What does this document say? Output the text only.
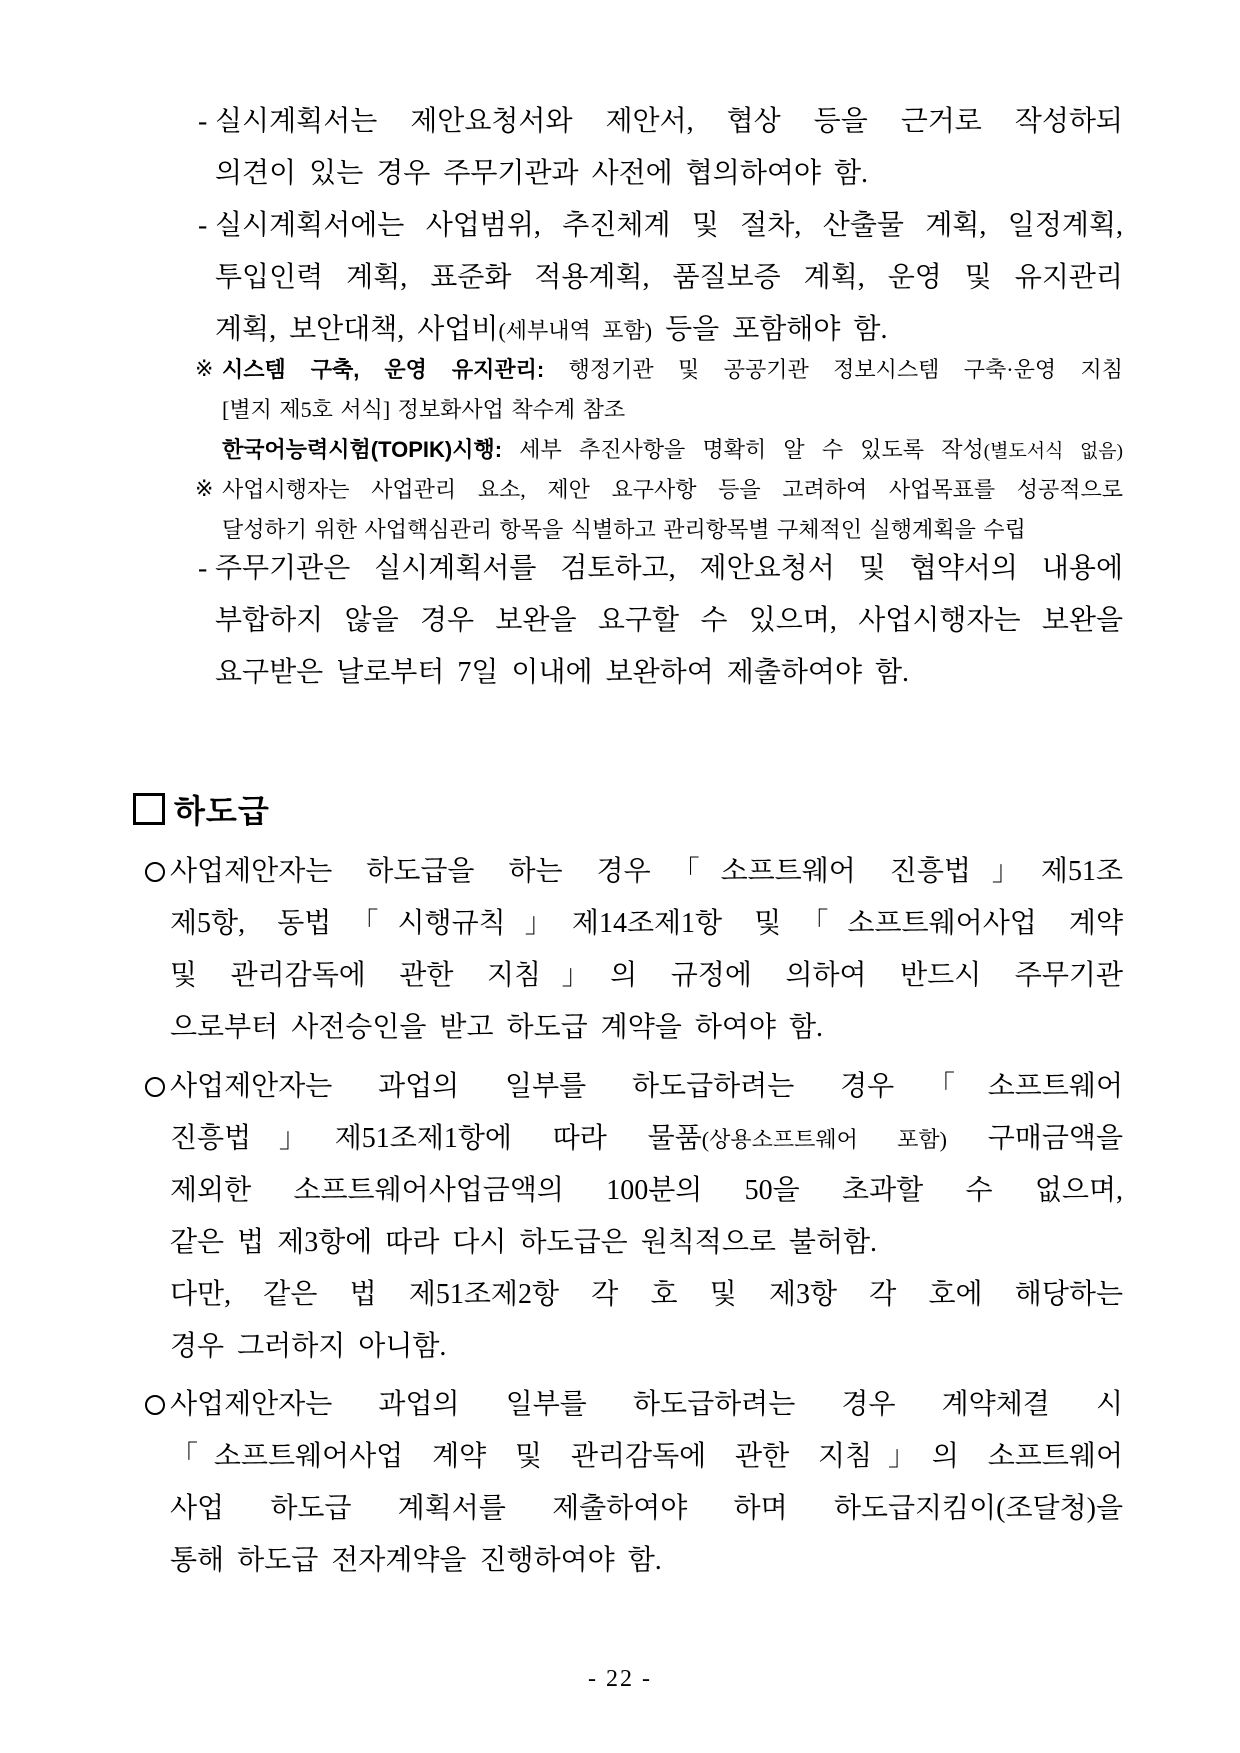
- 실시계획서는 제안요청서와 제안서, 협상 등을 근거로 작성하되
의견이 있는 경우 주무기관과 사전에 협의하여야 함.
- 실시계획서에는 사업범위, 추진체계 및 절차, 산출물 계획, 일정계획,
투입인력 계획, 표준화 적용계획, 품질보증 계획, 운영 및 유지관리
계획, 보안대책, 사업비(세부내역 포함) 등을 포함해야 함.
※ 시스템 구축, 운영 유지관리: 행정기관 및 공공기관 정보시스템 구축·운영 지침
[별지 제5호 서식] 정보화사업 착수계 참조
한국어능력시험(TOPIK)시행: 세부 추진사항을 명확히 알 수 있도록 작성(별도서식 없음)
※ 사업시행자는 사업관리 요소, 제안 요구사항 등을 고려하여 사업목표를 성공적으로
달성하기 위한 사업핵심관리 항목을 식별하고 관리항목별 구체적인 실행계획을 수립
- 주무기관은 실시계획서를 검토하고, 제안요청서 및 협약서의 내용에
부합하지 않을 경우 보완을 요구할 수 있으며, 사업시행자는 보완을
요구받은 날로부터 7일 이내에 보완하여 제출하여야 함.
하도급
사업제안자는 하도급을 하는 경우「소프트웨어 진흥법」제51조
제5항, 동법「시행규칙」제14조제1항 및「소프트웨어사업 계약
및 관리감독에 관한 지침」의 규정에 의하여 반드시 주무기관
으로부터 사전승인을 받고 하도급 계약을 하여야 함.
사업제안자는 과업의 일부를 하도급하려는 경우「소프트웨어
진흥법」제51조제1항에 따라 물품(상용소프트웨어 포함) 구매금액을
제외한 소프트웨어사업금액의 100분의 50을 초과할 수 없으며,
같은 법 제3항에 따라 다시 하도급은 원칙적으로 불허함.
다만, 같은 법 제51조제2항 각 호 및 제3항 각 호에 해당하는
경우 그러하지 아니함.
사업제안자는 과업의 일부를 하도급하려는 경우 계약체결 시
「소프트웨어사업 계약 및 관리감독에 관한 지침」의 소프트웨어
사업 하도급 계획서를 제출하여야 하며 하도급지킴이(조달청)을
통해 하도급 전자계약을 진행하여야 함.
- 22 -
